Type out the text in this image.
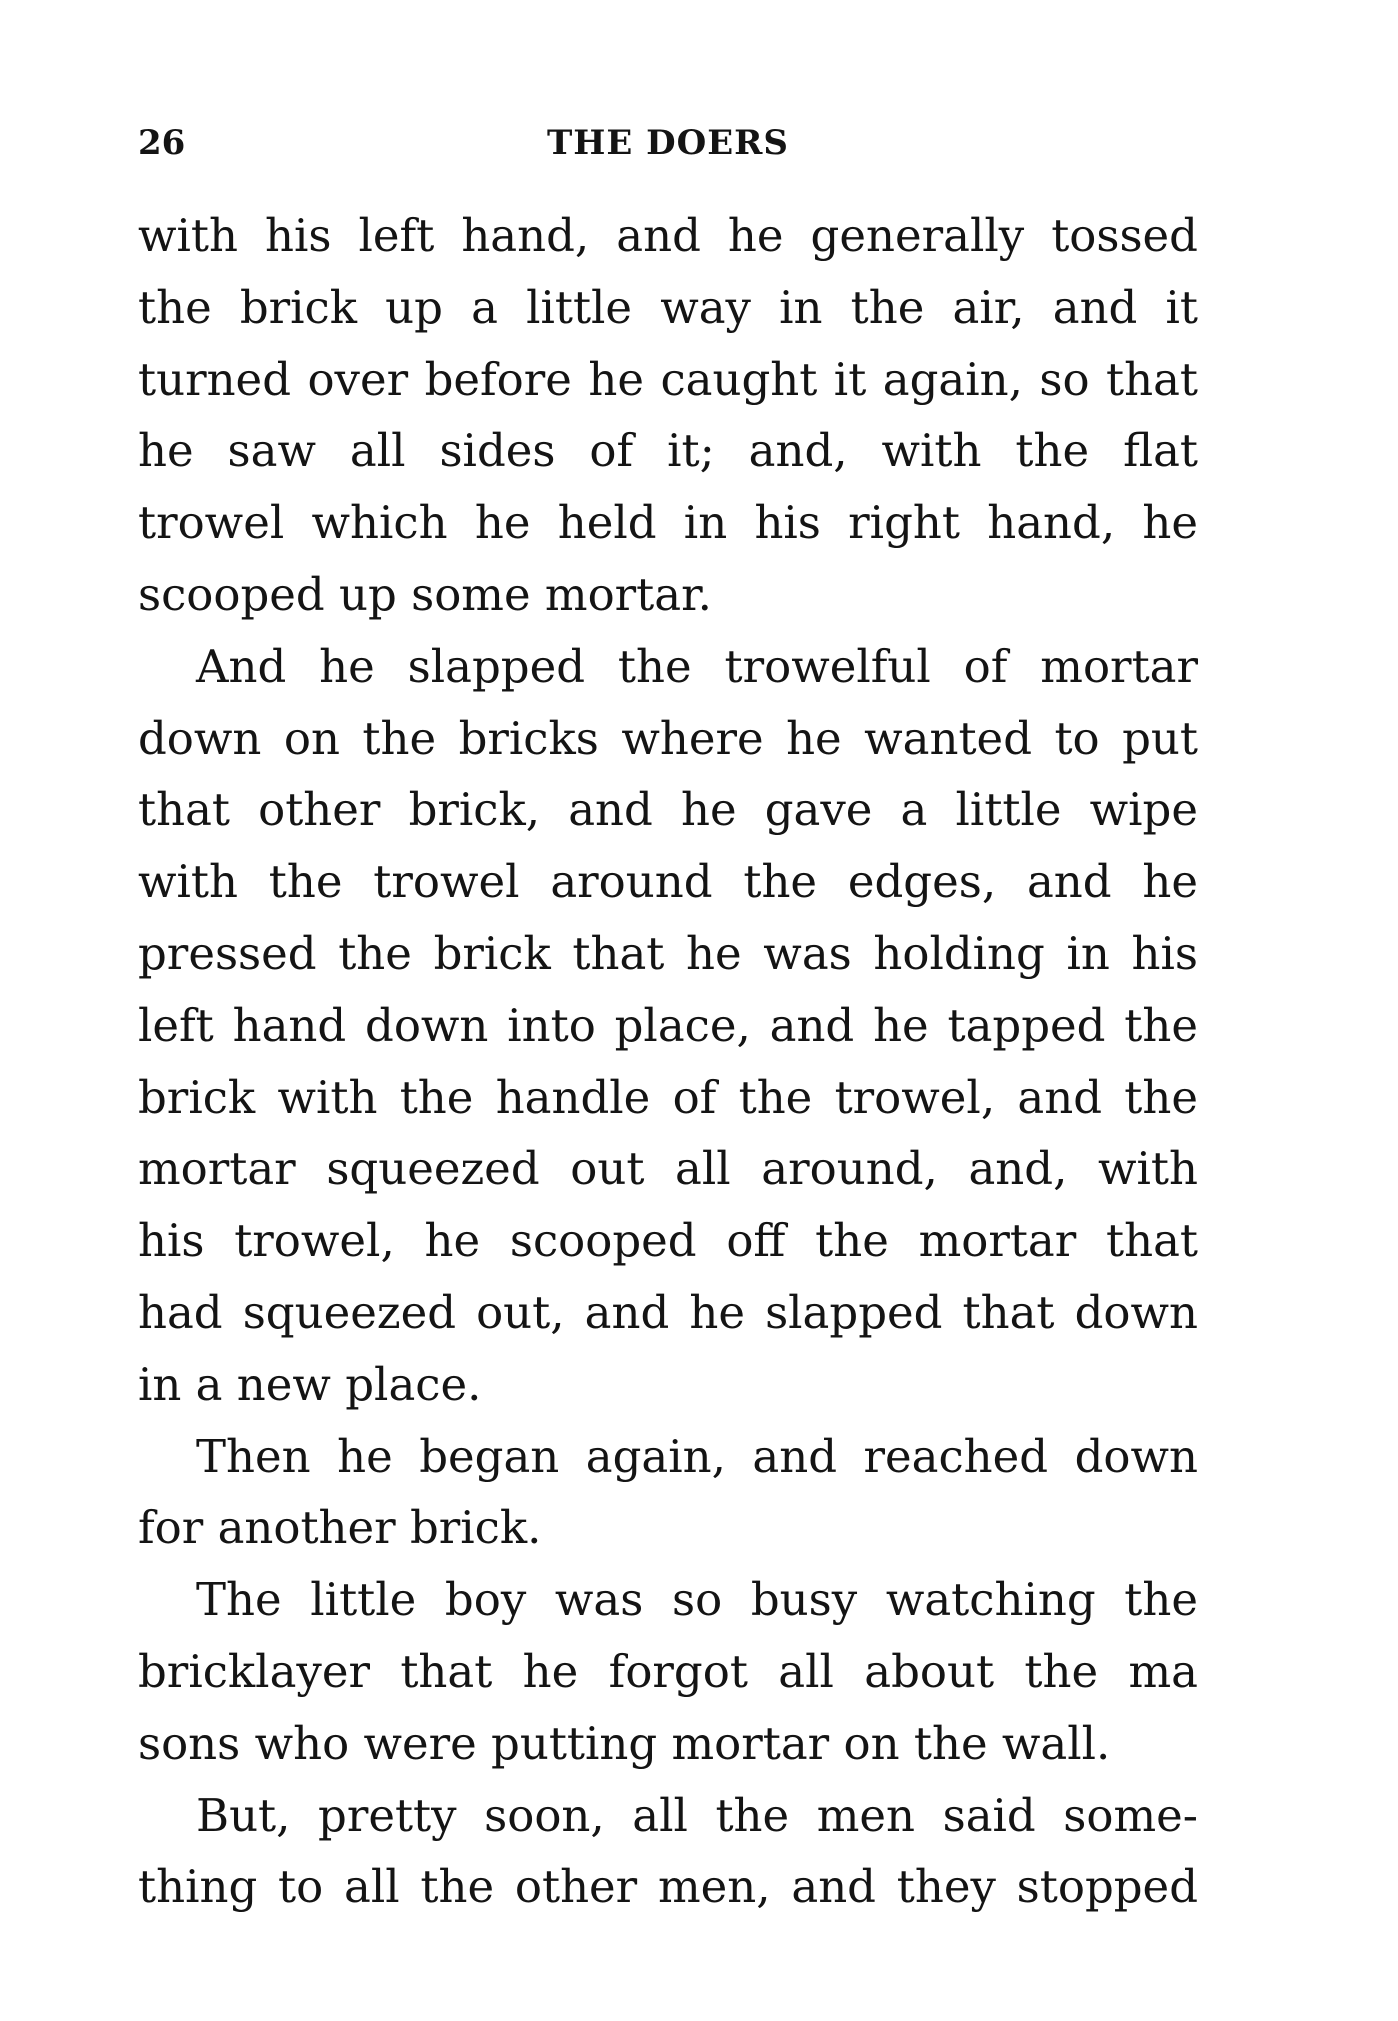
26	THE DOERS

with his left hand, and he generally tossed
the brick up a little way in the air, and it
turned over before he caught it again, so that
he saw all sides of it; and, with the flat
trowel which he held in his right hand, he
scooped up some mortar.

And he slapped the trowelful of mortar
down on the bricks where he wanted to put
that other brick, and he gave a little wipe
with the trowel around the edges, and he
pressed the brick that he was holding in his
left hand down into place, and he tapped the
brick with the handle of the trowel, and the
mortar squeezed out all around, and, with
his trowel, he scooped off the mortar that
had squeezed out, and he slapped that down
in a new place.

Then he began again, and reached down
for another brick.

The little boy was so busy watching the
bricklayer that he forgot all about the ma
sons who were putting mortar on the wall.

But, pretty soon, all the men said some-
thing to all the other men, and they stopped
